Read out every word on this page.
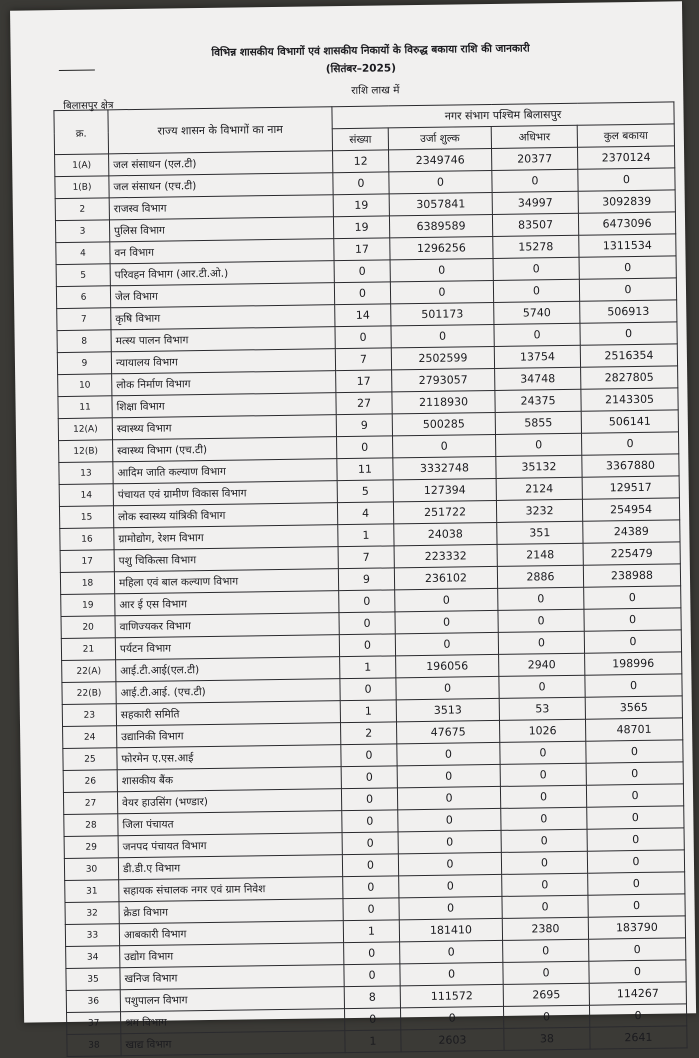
विभिन्न शासकीय विभागों एवं शासकीय निकायों के विरुद्ध बकाया राशि की जानकारी
(सितंबर–2025)
बिलासपुर क्षेत्र
राशि लाख में
क्र.	राज्य शासन के विभागों का नाम	नगर संभाग पश्चिम बिलासपुर			
		संख्या	उर्जा शुल्क	अधिभार	कुल बकाया
1(A)	जल संसाधन (एल.टी)	12	2349746	20377	2370124
1(B)	जल संसाधन (एच.टी)	0	0	0	0
2	राजस्व विभाग	19	3057841	34997	3092839
3	पुलिस विभाग	19	6389589	83507	6473096
4	वन विभाग	17	1296256	15278	1311534
5	परिवहन विभाग (आर.टी.ओ.)	0	0	0	0
6	जेल विभाग	0	0	0	0
7	कृषि विभाग	14	501173	5740	506913
8	मत्स्य पालन विभाग	0	0	0	0
9	न्यायालय विभाग	7	2502599	13754	2516354
10	लोक निर्माण विभाग	17	2793057	34748	2827805
11	शिक्षा विभाग	27	2118930	24375	2143305
12(A)	स्वास्थ्य विभाग	9	500285	5855	506141
12(B)	स्वास्थ्य विभाग (एच.टी)	0	0	0	0
13	आदिम जाति कल्याण विभाग	11	3332748	35132	3367880
14	पंचायत एवं ग्रामीण विकास विभाग	5	127394	2124	129517
15	लोक स्वास्थ्य यांत्रिकी विभाग	4	251722	3232	254954
16	ग्रामोद्योग, रेशम विभाग	1	24038	351	24389
17	पशु चिकित्सा विभाग	7	223332	2148	225479
18	महिला एवं बाल कल्याण विभाग	9	236102	2886	238988
19	आर ई एस विभाग	0	0	0	0
20	वाणिज्यकर विभाग	0	0	0	0
21	पर्यटन विभाग	0	0	0	0
22(A)	आई.टी.आई(एल.टी)	1	196056	2940	198996
22(B)	आई.टी.आई. (एच.टी)	0	0	0	0
23	सहकारी समिति	1	3513	53	3565
24	उद्यानिकी विभाग	2	47675	1026	48701
25	फोरमेन ए.एस.आई	0	0	0	0
26	शासकीय बैंक	0	0	0	0
27	वेयर हाउसिंग (भण्डार)	0	0	0	0
28	जिला पंचायत	0	0	0	0
29	जनपद पंचायत विभाग	0	0	0	0
30	डी.डी.ए विभाग	0	0	0	0
31	सहायक संचालक नगर एवं ग्राम निवेश	0	0	0	0
32	क्रेडा विभाग	0	0	0	0
33	आबकारी विभाग	1	181410	2380	183790
34	उद्योग विभाग	0	0	0	0
35	खनिज विभाग	0	0	0	0
36	पशुपालन विभाग	8	111572	2695	114267
37	श्रम विभाग	0	0	0	0
38	खाद्य विभाग	1	2603	38	2641
